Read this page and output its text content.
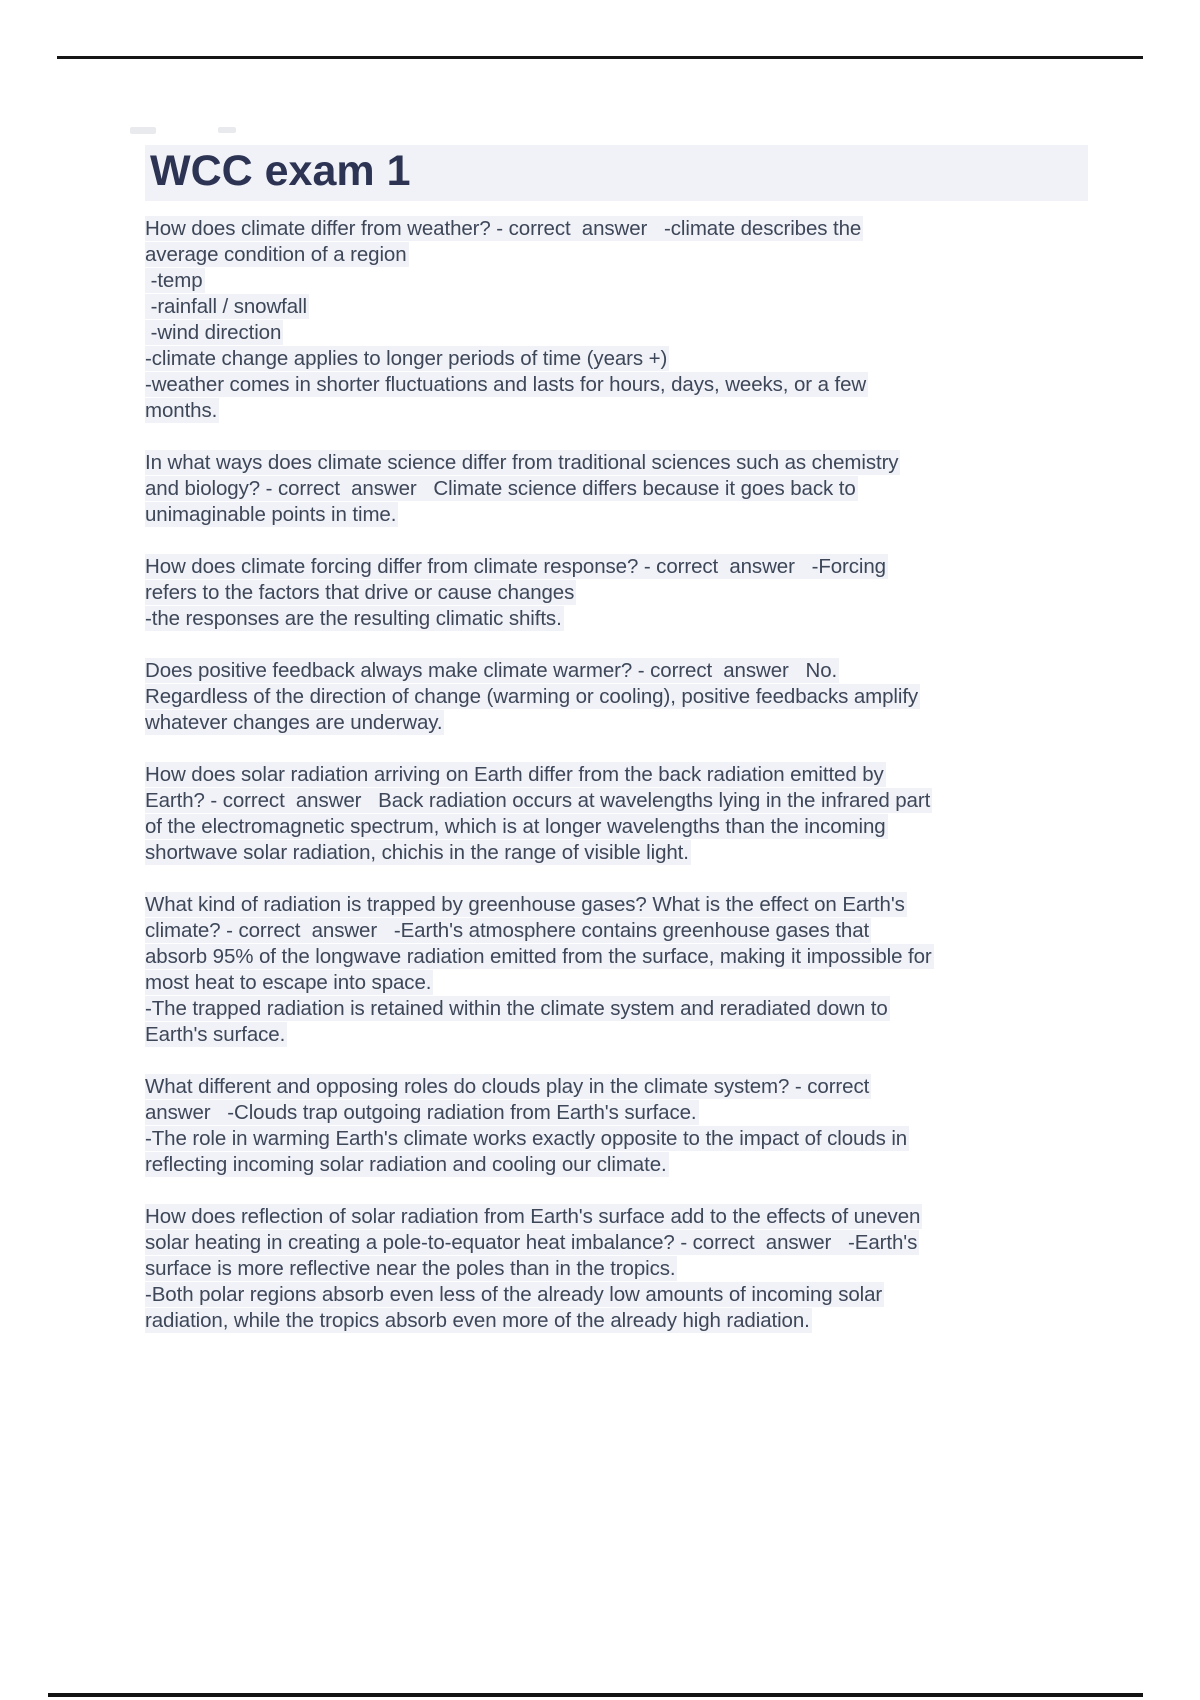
WCC exam 1
How does climate differ from weather? - correct  answer   -climate describes the
average condition of a region
-temp
-rainfall / snowfall
-wind direction
-climate change applies to longer periods of time (years +)
-weather comes in shorter fluctuations and lasts for hours, days, weeks, or a few
months.
In what ways does climate science differ from traditional sciences such as chemistry
and biology? - correct  answer   Climate science differs because it goes back to
unimaginable points in time.
How does climate forcing differ from climate response? - correct  answer   -Forcing
refers to the factors that drive or cause changes
-the responses are the resulting climatic shifts.
Does positive feedback always make climate warmer? - correct  answer   No.
Regardless of the direction of change (warming or cooling), positive feedbacks amplify
whatever changes are underway.
How does solar radiation arriving on Earth differ from the back radiation emitted by
Earth? - correct  answer   Back radiation occurs at wavelengths lying in the infrared part
of the electromagnetic spectrum, which is at longer wavelengths than the incoming
shortwave solar radiation, chichis in the range of visible light.
What kind of radiation is trapped by greenhouse gases? What is the effect on Earth's
climate? - correct  answer   -Earth's atmosphere contains greenhouse gases that
absorb 95% of the longwave radiation emitted from the surface, making it impossible for
most heat to escape into space.
-The trapped radiation is retained within the climate system and reradiated down to
Earth's surface.
What different and opposing roles do clouds play in the climate system? - correct
answer   -Clouds trap outgoing radiation from Earth's surface.
-The role in warming Earth's climate works exactly opposite to the impact of clouds in
reflecting incoming solar radiation and cooling our climate.
How does reflection of solar radiation from Earth's surface add to the effects of uneven
solar heating in creating a pole-to-equator heat imbalance? - correct  answer   -Earth's
surface is more reflective near the poles than in the tropics.
-Both polar regions absorb even less of the already low amounts of incoming solar
radiation, while the tropics absorb even more of the already high radiation.
